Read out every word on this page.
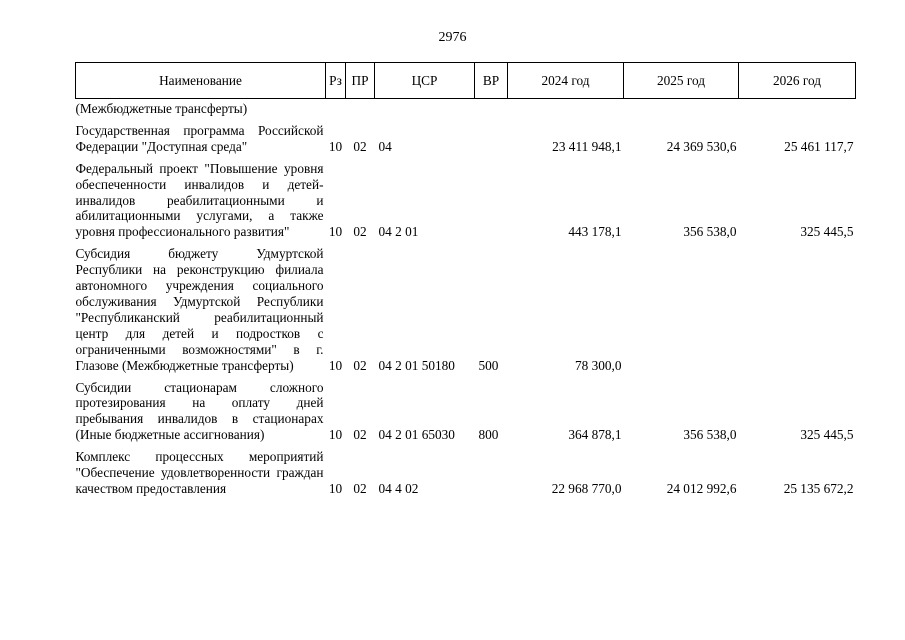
2976
Наименование	Рз	ПР	ЦСР	ВР	2024 год	2025 год	2026 год

(Межбюджетные трансферты)							

Государственная программа Российской Федерации "Доступная среда"	10	02	04		23 411 948,1	24 369 530,6	25 461 117,7

Федеральный проект "Повышение уровня обеспеченности инвалидов и детей-инвалидов реабилитационными и абилитационными услугами, а также уровня профессионального развития"	10	02	04 2 01		443 178,1	356 538,0	325 445,5

Субсидия бюджету Удмуртской Республики на реконструкцию филиала автономного учреждения социального обслуживания Удмуртской Республики "Республиканский реабилитационный центр для детей и подростков с ограниченными возможностями" в г. Глазове (Межбюджетные трансферты)	10	02	04 2 01 50180	500	78 300,0		

Субсидии стационарам сложного протезирования на оплату дней пребывания инвалидов в стационарах (Иные бюджетные ассигнования)	10	02	04 2 01 65030	800	364 878,1	356 538,0	325 445,5

Комплекс процессных мероприятий "Обеспечение удовлетворенности граждан качеством предоставления	10	02	04 4 02		22 968 770,0	24 012 992,6	25 135 672,2
